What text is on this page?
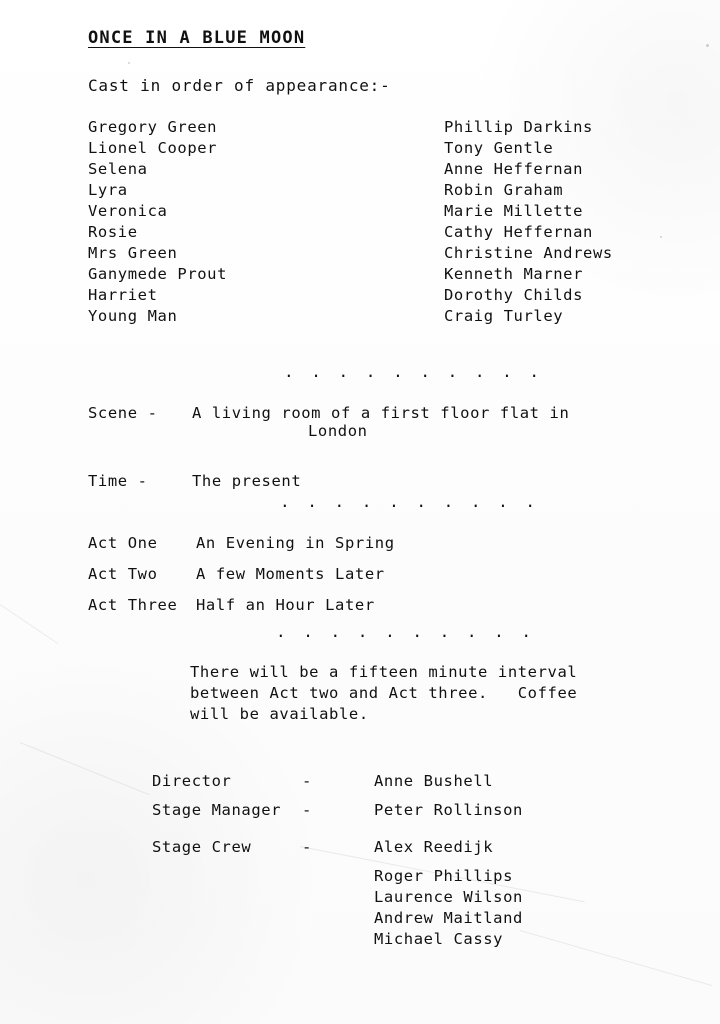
ONCE IN A BLUE MOON
Cast in order of appearance:-
Gregory Green	Phillip Darkins
Lionel Cooper	Tony Gentle
Selena	Anne Heffernan
Lyra	Robin Graham
Veronica	Marie Millette
Rosie	Cathy Heffernan
Mrs Green	Christine Andrews
Ganymede Prout	Kenneth Marner
Harriet	Dorothy Childs
Young Man	Craig Turley
. . . . . . . . . .
Scene -	A living room of a first floor flat in
London
Time -	The present
. . . . . . . . . .
Act One	An Evening in Spring
Act Two	A few Moments Later
Act Three	Half an Hour Later
. . . . . . . . . .
There will be a fifteen minute interval
between Act two and Act three.   Coffee
will be available.
Director	-	Anne Bushell
Stage Manager	-	Peter Rollinson
Stage Crew	-	Alex Reedijk
Roger Phillips
Laurence Wilson
Andrew Maitland
Michael Cassy
